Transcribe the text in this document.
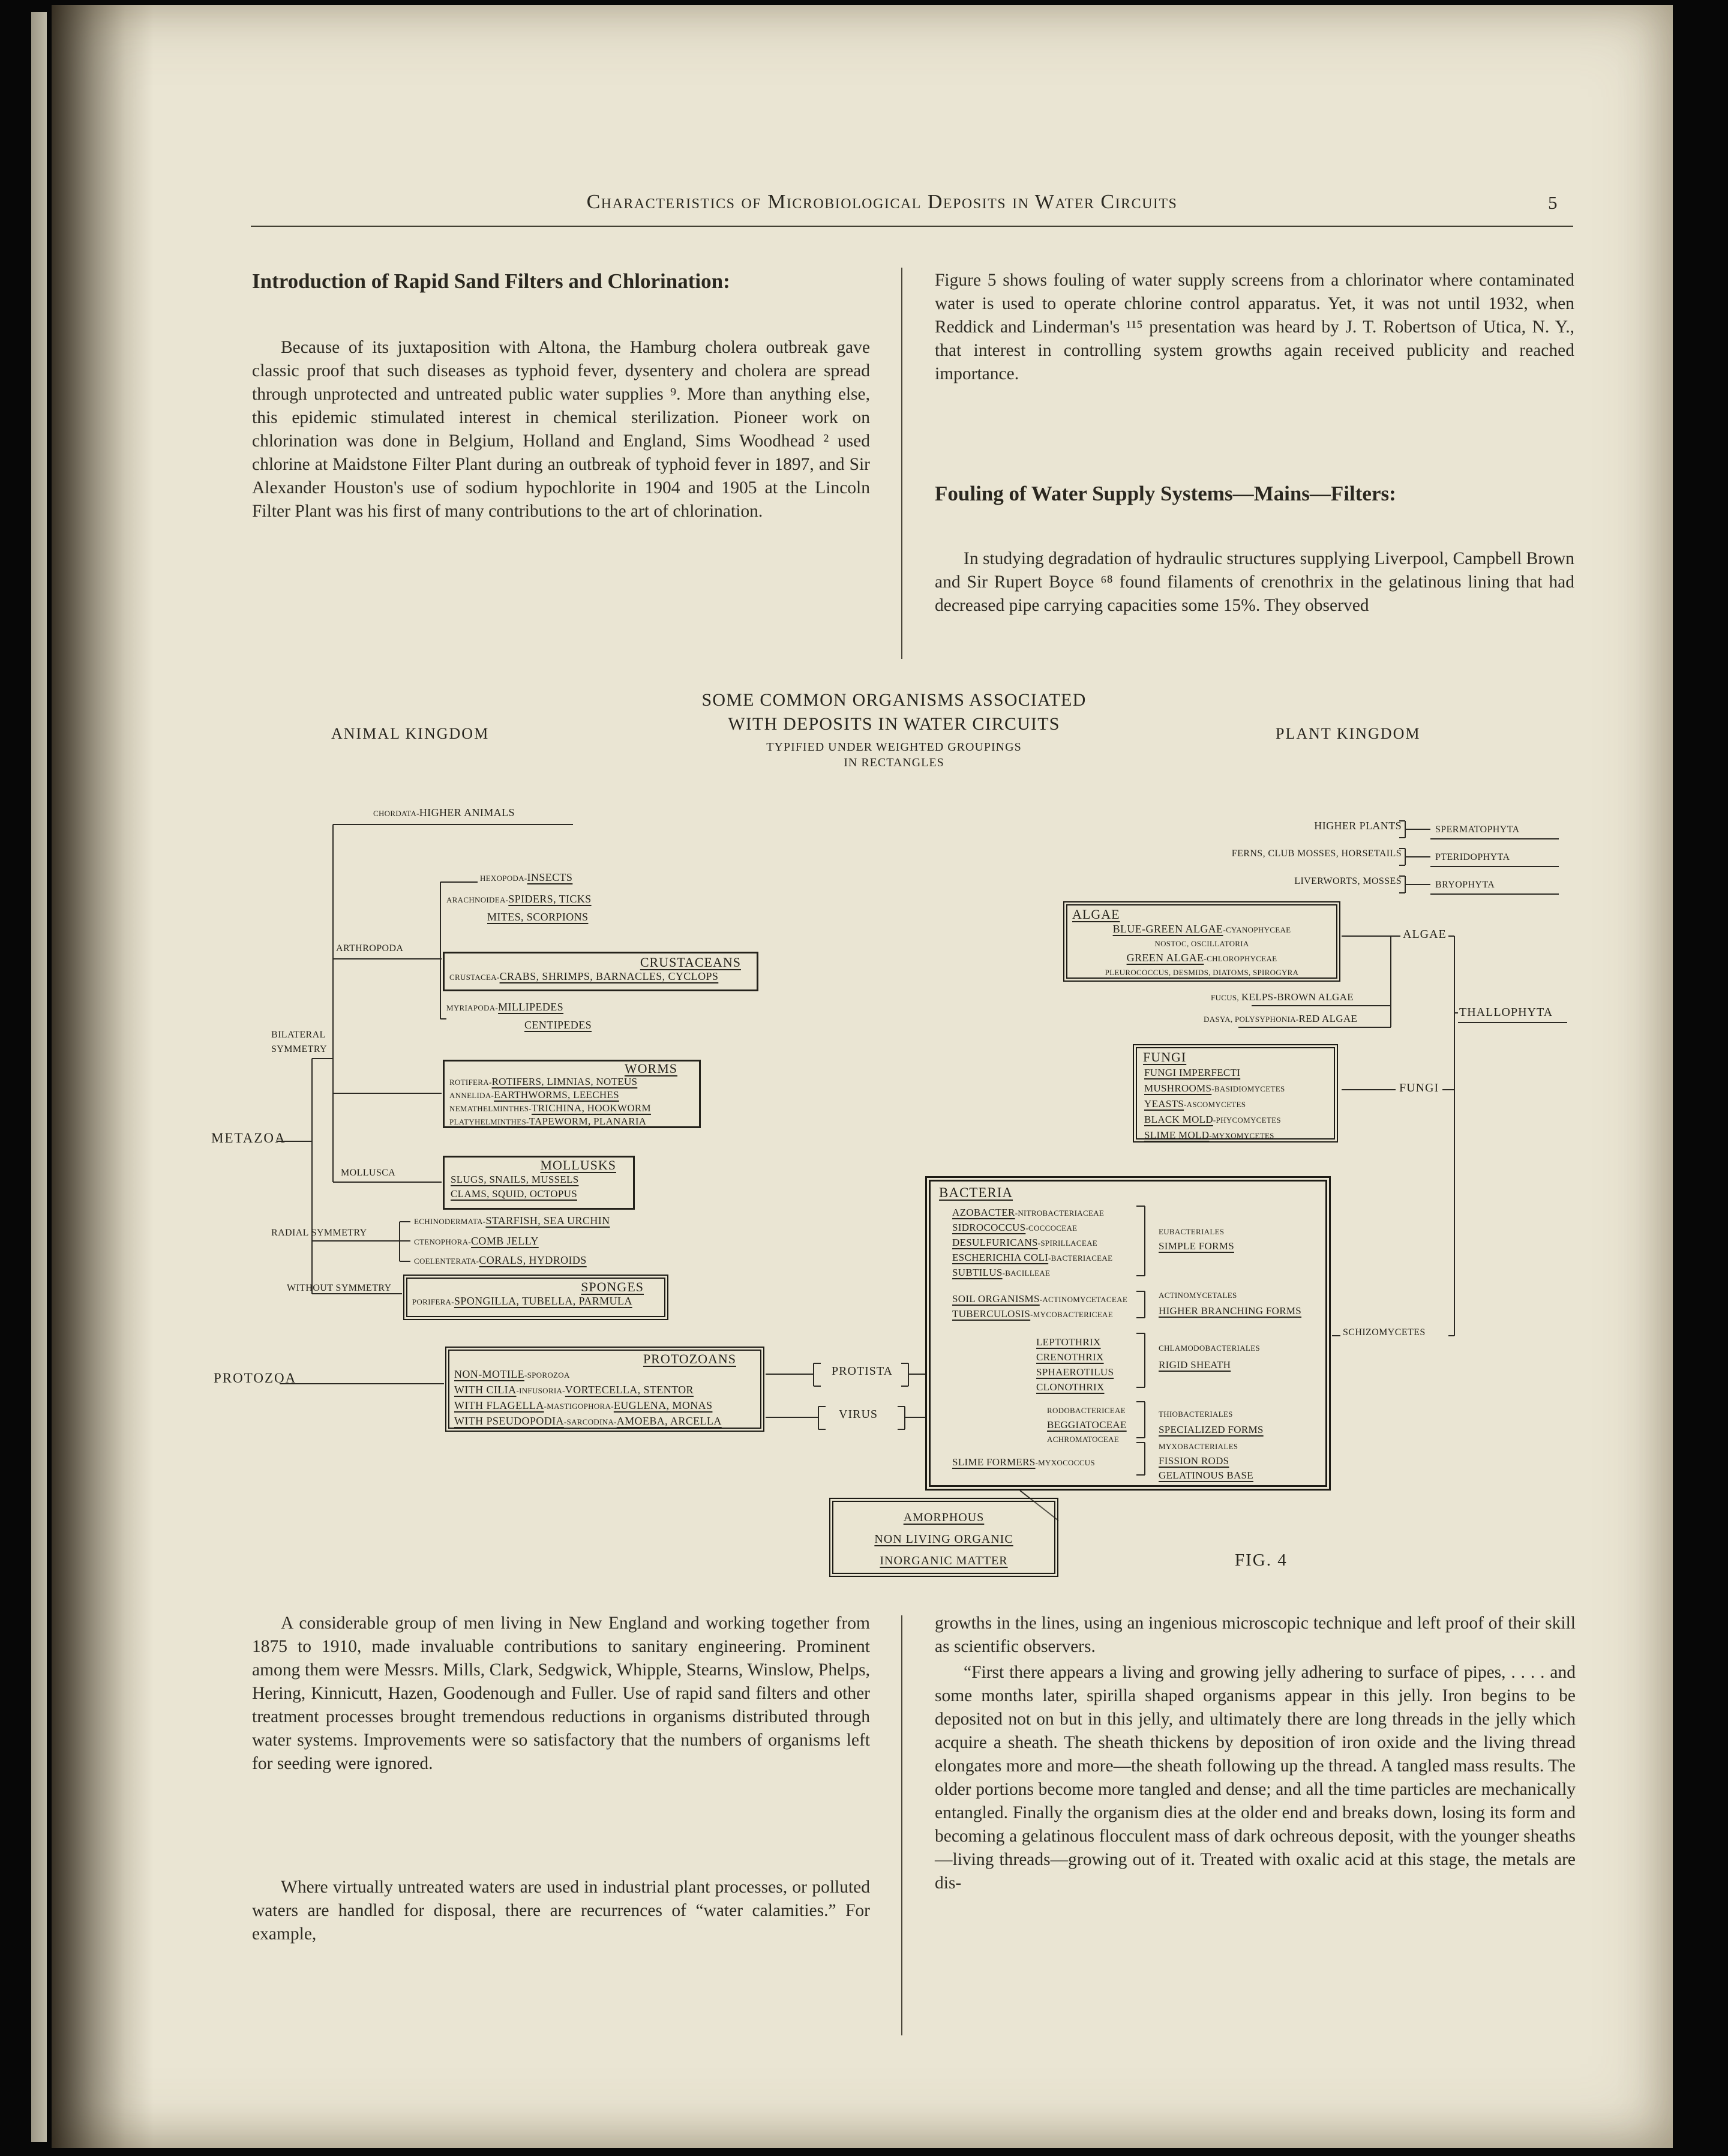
Characteristics of Microbiological Deposits in Water Circuits	5
Introduction of Rapid Sand Filters and Chlorination:
Because of its juxtaposition with Altona, the Hamburg cholera outbreak gave classic proof that such diseases as typhoid fever, dysentery and cholera are spread through unprotected and untreated public water supplies ⁹. More than anything else, this epidemic stimulated interest in chemical sterilization. Pioneer work on chlorination was done in Belgium, Holland and England, Sims Woodhead ² used chlorine at Maidstone Filter Plant during an outbreak of typhoid fever in 1897, and Sir Alexander Houston's use of sodium hypochlorite in 1904 and 1905 at the Lincoln Filter Plant was his first of many contributions to the art of chlorination.
Figure 5 shows fouling of water supply screens from a chlorinator where contaminated water is used to operate chlorine control apparatus. Yet, it was not until 1932, when Reddick and Linderman's ¹¹⁵ presentation was heard by J. T. Robertson of Utica, N. Y., that interest in controlling system growths again received publicity and reached importance.
Fouling of Water Supply Systems—Mains—Filters:
In studying degradation of hydraulic structures supplying Liverpool, Campbell Brown and Sir Rupert Boyce ⁶⁸ found filaments of crenothrix in the gelatinous lining that had decreased pipe carrying capacities some 15%. They observed
SOME COMMON ORGANISMS ASSOCIATED
WITH DEPOSITS IN WATER CIRCUITS
TYPIFIED UNDER WEIGHTED GROUPINGS
IN RECTANGLES
ANIMAL KINGDOM	PLANT KINGDOM
CHORDATA-HIGHER ANIMALS
HEXOPODA-INSECTS
ARACHNOIDEA-SPIDERS, TICKS
MITES, SCORPIONS
ARTHROPODA
CRUSTACEANS
CRUSTACEA-CRABS, SHRIMPS, BARNACLES, CYCLOPS
MYRIAPODA-MILLIPEDES
CENTIPEDES
BILATERAL
SYMMETRY
WORMS
ROTIFERA-ROTIFERS, LIMNIAS, NOTEUS
ANNELIDA-EARTHWORMS, LEECHES
NEMATHELMINTHES-TRICHINA, HOOKWORM
PLATYHELMINTHES-TAPEWORM, PLANARIA
METAZOA
MOLLUSCA
MOLLUSKS
SLUGS, SNAILS, MUSSELS
CLAMS, SQUID, OCTOPUS
RADIAL SYMMETRY
ECHINODERMATA-STARFISH, SEA URCHIN
CTENOPHORA-COMB JELLY
COELENTERATA-CORALS, HYDROIDS
WITHOUT SYMMETRY	SPONGES
PORIFERA-SPONGILLA, TUBELLA, PARMULA
PROTOZOA
PROTOZOANS
NON-MOTILE-SPOROZOA
WITH CILIA-INFUSORIA-VORTECELLA, STENTOR
WITH FLAGELLA-MASTIGOPHORA-EUGLENA, MONAS
WITH PSEUDOPODIA-SARCODINA-AMOEBA, ARCELLA
PROTISTA
VIRUS
HIGHER PLANTS	SPERMATOPHYTA
FERNS, CLUB MOSSES, HORSETAILS	PTERIDOPHYTA
LIVERWORTS, MOSSES	BRYOPHYTA
ALGAE
BLUE-GREEN ALGAE-CYANOPHYCEAE
NOSTOC, OSCILLATORIA
GREEN ALGAE-CHLOROPHYCEAE
PLEUROCOCCUS, DESMIDS, DIATOMS, SPIROGYRA
ALGAE
FUCUS, KELPS-BROWN ALGAE
DASYA, POLYSYPHONIA-RED ALGAE	THALLOPHYTA
FUNGI
FUNGI IMPERFECTI
MUSHROOMS-BASIDIOMYCETES
YEASTS-ASCOMYCETES
BLACK MOLD-PHYCOMYCETES
SLIME MOLD-MYXOMYCETES
FUNGI
BACTERIA
AZOBACTER-NITROBACTERIACEAE
SIDROCOCCUS-COCCOCEAE
DESULFURICANS-SPIRILLACEAE
ESCHERICHIA COLI-BACTERIACEAE
SUBTILUS-BACILLEAE
EUBACTERIALES
SIMPLE FORMS
SOIL ORGANISMS-ACTINOMYCETACEAE
TUBERCULOSIS-MYCOBACTERICEAE
ACTINOMYCETALES
HIGHER BRANCHING FORMS
LEPTOTHRIX
CRENOTHRIX
SPHAEROTILUS
CLONOTHRIX
CHLAMODOBACTERIALES
RIGID SHEATH
RODOBACTERICEAE
BEGGIATOCEAE
ACHROMATOCEAE
THIOBACTERIALES
SPECIALIZED FORMS
SLIME FORMERS-MYXOCOCCUS
MYXOBACTERIALES
FISSION RODS
GELATINOUS BASE
SCHIZOMYCETES
AMORPHOUS
NON LIVING ORGANIC
INORGANIC MATTER	FIG. 4
A considerable group of men living in New England and working together from 1875 to 1910, made invaluable contributions to sanitary engineering. Prominent among them were Messrs. Mills, Clark, Sedgwick, Whipple, Stearns, Winslow, Phelps, Hering, Kinnicutt, Hazen, Goodenough and Fuller. Use of rapid sand filters and other treatment processes brought tremendous reductions in organisms distributed through water systems. Improvements were so satisfactory that the numbers of organisms left for seeding were ignored.
Where virtually untreated waters are used in industrial plant processes, or polluted waters are handled for disposal, there are recurrences of “water calamities.” For example,
growths in the lines, using an ingenious microscopic technique and left proof of their skill as scientific observers.
“First there appears a living and growing jelly adhering to surface of pipes, . . . . and some months later, spirilla shaped organisms appear in this jelly. Iron begins to be deposited not on but in this jelly, and ultimately there are long threads in the jelly which acquire a sheath. The sheath thickens by deposition of iron oxide and the living thread elongates more and more—the sheath following up the thread. A tangled mass results. The older portions become more tangled and dense; and all the time particles are mechanically entangled. Finally the organism dies at the older end and breaks down, losing its form and becoming a gelatinous flocculent mass of dark ochreous deposit, with the younger sheaths—living threads—growing out of it. Treated with oxalic acid at this stage, the metals are dis-
